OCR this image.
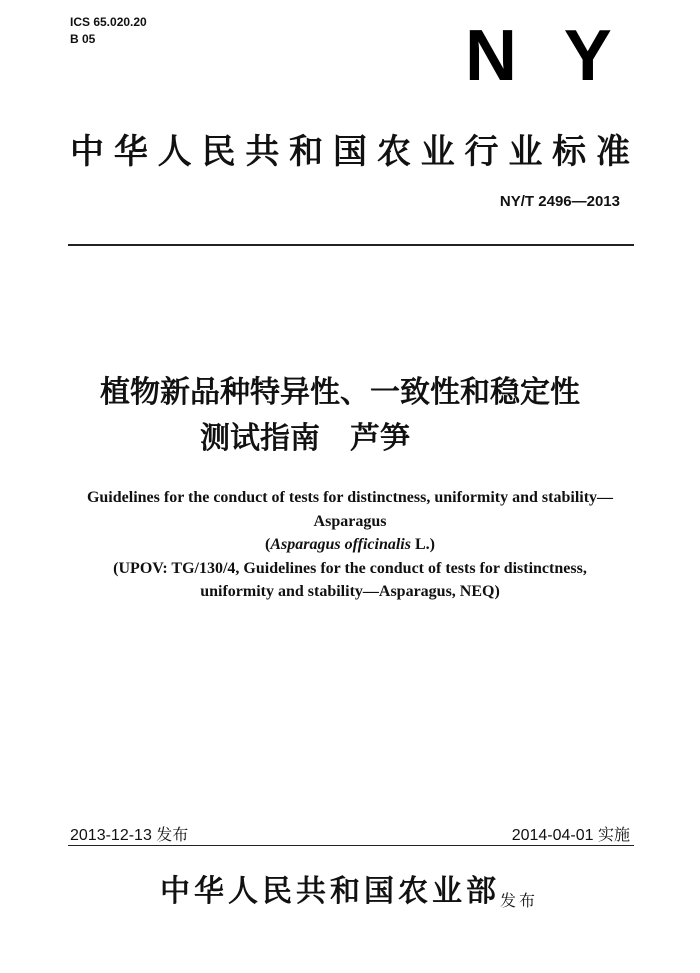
ICS 65.020.20
B 05	N Y
中华人民共和国农业行业标准
NY/T 2496—2013
植物新品种特异性、一致性和稳定性
测试指南　芦笋
Guidelines for the conduct of tests for distinctness, uniformity and stability—
Asparagus
(Asparagus officinalis L.)
(UPOV: TG/130/4, Guidelines for the conduct of tests for distinctness,
uniformity and stability—Asparagus, NEQ)
2013-12-13 发布	2014-04-01 实施
中华人民共和国农业部 发布
